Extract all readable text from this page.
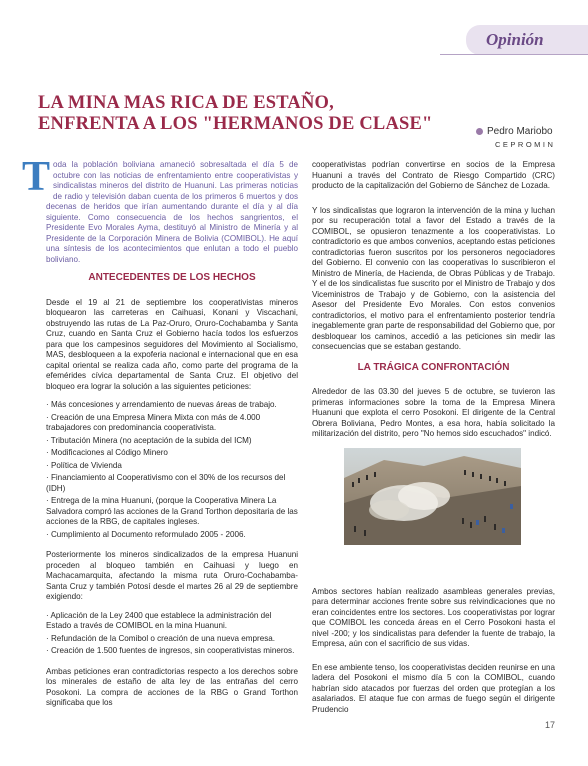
Opinión
LA MINA MAS RICA DE ESTAÑO,
ENFRENTA A LOS "HERMANOS DE CLASE"	Pedro Mariobo
CEPROMIN

Toda la población boliviana amaneció sobresaltada el día 5 de octubre con las noticias de enfrentamiento entre cooperativistas y sindicalistas mineros del distrito de Huanuni. Las primeras noticias de radio y televisión daban cuenta de los primeros 6 muertos y dos decenas de heridos que irían aumentando durante el día y al día siguiente. Como consecuencia de los hechos sangrientos, el Presidente Evo Morales Ayma, destituyó al Ministro de Minería y al Presidente de la Corporación Minera de Bolivia (COMIBOL). He aquí una síntesis de los acontecimientos que enlutan a todo el pueblo boliviano.

ANTECEDENTES DE LOS HECHOS

Desde el 19 al 21 de septiembre los cooperativistas mineros bloquearon las carreteras en Caihuasi, Konani y Viscachani, obstruyendo las rutas de La Paz-Oruro, Oruro-Cochabamba y Santa Cruz, cuando en Santa Cruz el Gobierno hacía todos los esfuerzos para que los campesinos seguidores del Movimiento al Socialismo, MAS, desbloqueen a la expoferia nacional e internacional que en esa capital oriental se realiza cada año, como parte del programa de la efemérides cívica departamental de Santa Cruz. El objetivo del bloqueo era lograr la solución a las siguientes peticiones:

· Más concesiones y arrendamiento de nuevas áreas de trabajo.
· Creación de una Empresa Minera Mixta con más de 4.000 trabajadores con predominancia cooperativista.
· Tributación Minera (no aceptación de la subida del ICM)
· Modificaciones al Código Minero
· Política de Vivienda
· Financiamiento al Cooperativismo con el 30% de los recursos del (IDH)
· Entrega de la mina Huanuni, (porque la Cooperativa Minera La Salvadora compró las acciones de la Grand Torthon depositaria de las acciones de la RBG, de capitales ingleses.
· Cumplimiento al Documento reformulado 2005 - 2006.

Posteriormente los mineros sindicalizados de la empresa Huanuni proceden al bloqueo también en Caihuasi y luego en Machacamarquita, afectando la misma ruta Oruro-Cochabamba-Santa Cruz y también Potosí desde el martes 26 al 29 de septiembre exigiendo:

· Aplicación de la Ley 2400 que establece la administración del Estado a través de COMIBOL en la mina Huanuni.
· Refundación de la Comibol o creación de una nueva empresa.
· Creación de 1.500 fuentes de ingresos, sin cooperativistas mineros.

Ambas peticiones eran contradictorias respecto a los derechos sobre los minerales de estaño de alta ley de las entrañas del cerro Posokoni. La compra de acciones de la RBG o Grand Torthon significaba que los

cooperativistas podrían convertirse en socios de la Empresa Huanuni a través del Contrato de Riesgo Compartido (CRC) producto de la capitalización del Gobierno de Sánchez de Lozada.

Y los sindicalistas que lograron la intervención de la mina y luchan por su recuperación total a favor del Estado a través de la COMIBOL, se opusieron tenazmente a los cooperativistas. Lo contradictorio es que ambos convenios, aceptando estas peticiones contradictorias fueron suscritos por los personeros negociadores del Gobierno. El convenio con las cooperativas lo suscribieron el Ministro de Minería, de Hacienda, de Obras Públicas y de Trabajo. Y el de los sindicalistas fue suscrito por el Ministro de Trabajo y dos Viceministros de Trabajo y de Gobierno, con la asistencia del Asesor del Presidente Evo Morales. Con estos convenios contradictorios, el motivo para el enfrentamiento posterior tendría inegablemente gran parte de responsabilidad del Gobierno que, por desbloquear los caminos, accedió a las peticiones sin medir las consecuencias que se estaban gestando.

LA TRÁGICA CONFRONTACIÓN

Alrededor de las 03.30 del jueves 5 de octubre, se tuvieron las primeras informaciones sobre la toma de la Empresa Minera Huanuni que explota el cerro Posokoni. El dirigente de la Central Obrera Boliviana, Pedro Montes, a esa hora, había solicitado la militarización del distrito, pero "No hemos sido escuchados" indicó.

Ambos sectores habían realizado asambleas generales previas, para determinar acciones frente sobre sus reivindicaciones que no eran coincidentes entre los sectores. Los cooperativistas por lograr que COMIBOL les conceda áreas en el Cerro Posokoni hasta el nivel -200; y los sindicalistas para defender la fuente de trabajo, la Empresa, aún con el sacrificio de sus vidas.

En ese ambiente tenso, los cooperativistas deciden reunirse en una ladera del Posokoni el mismo día 5 con la COMIBOL, cuando habrían sido atacados por fuerzas del orden que protegían a los asalariados. El ataque fue con armas de fuego según el dirigente Prudencio

17
